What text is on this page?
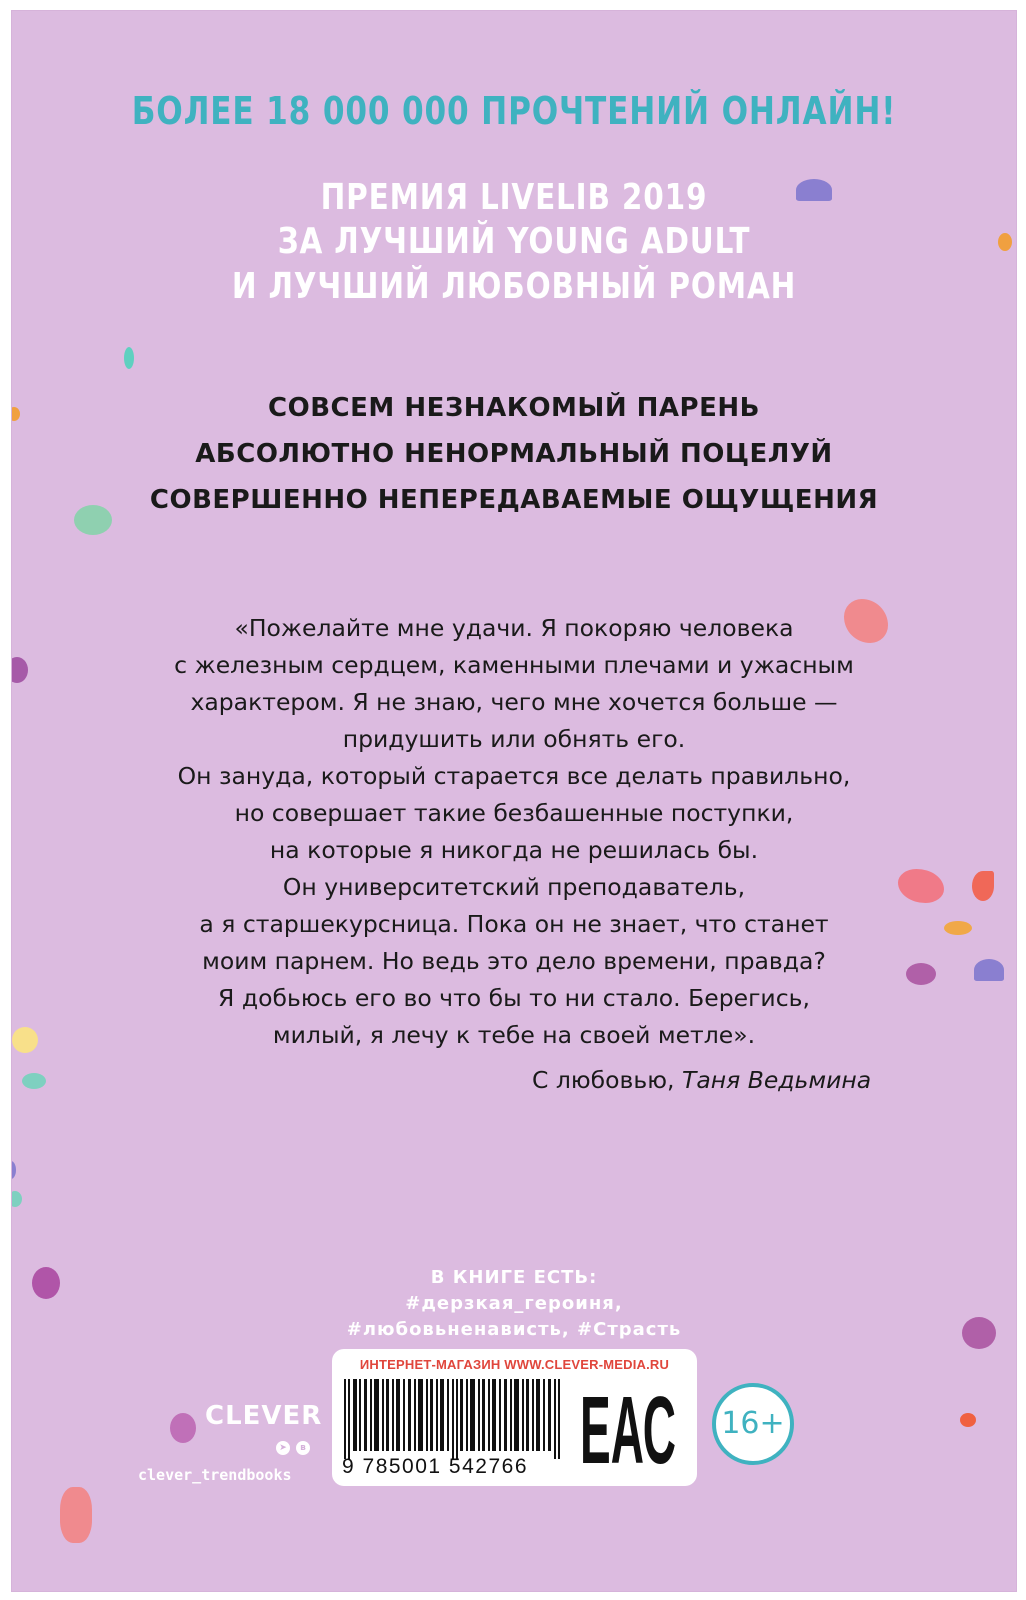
БОЛЕЕ 18 000 000 ПРОЧТЕНИЙ ОНЛАЙН!
ПРЕМИЯ LIVELIB 2019
ЗА ЛУЧШИЙ YOUNG ADULT
И ЛУЧШИЙ ЛЮБОВНЫЙ РОМАН
СОВСЕМ НЕЗНАКОМЫЙ ПАРЕНЬ
АБСОЛЮТНО НЕНОРМАЛЬНЫЙ ПОЦЕЛУЙ
СОВЕРШЕННО НЕПЕРЕДАВАЕМЫЕ ОЩУЩЕНИЯ
«Пожелайте мне удачи. Я покоряю человека
с железным сердцем, каменными плечами и ужасным
характером. Я не знаю, чего мне хочется больше —
придушить или обнять его.
Он зануда, который старается все делать правильно,
но совершает такие безбашенные поступки,
на которые я никогда не решилась бы.
Он университетский преподаватель,
а я старшекурсница. Пока он не знает, что станет
моим парнем. Но ведь это дело времени, правда?
Я добьюсь его во что бы то ни стало. Берегись,
милый, я лечу к тебе на своей метле».
С любовью, Таня Ведьмина
В КНИГЕ ЕСТЬ:
#дерзкая_героиня,
#любовьненависть, #Страсть
ИНТЕРНЕТ-МАГАЗИН WWW.CLEVER-MEDIA.RU
9 785001 542766 ЕАС	16+
CLEVER
➤	в
clever_trendbooks
